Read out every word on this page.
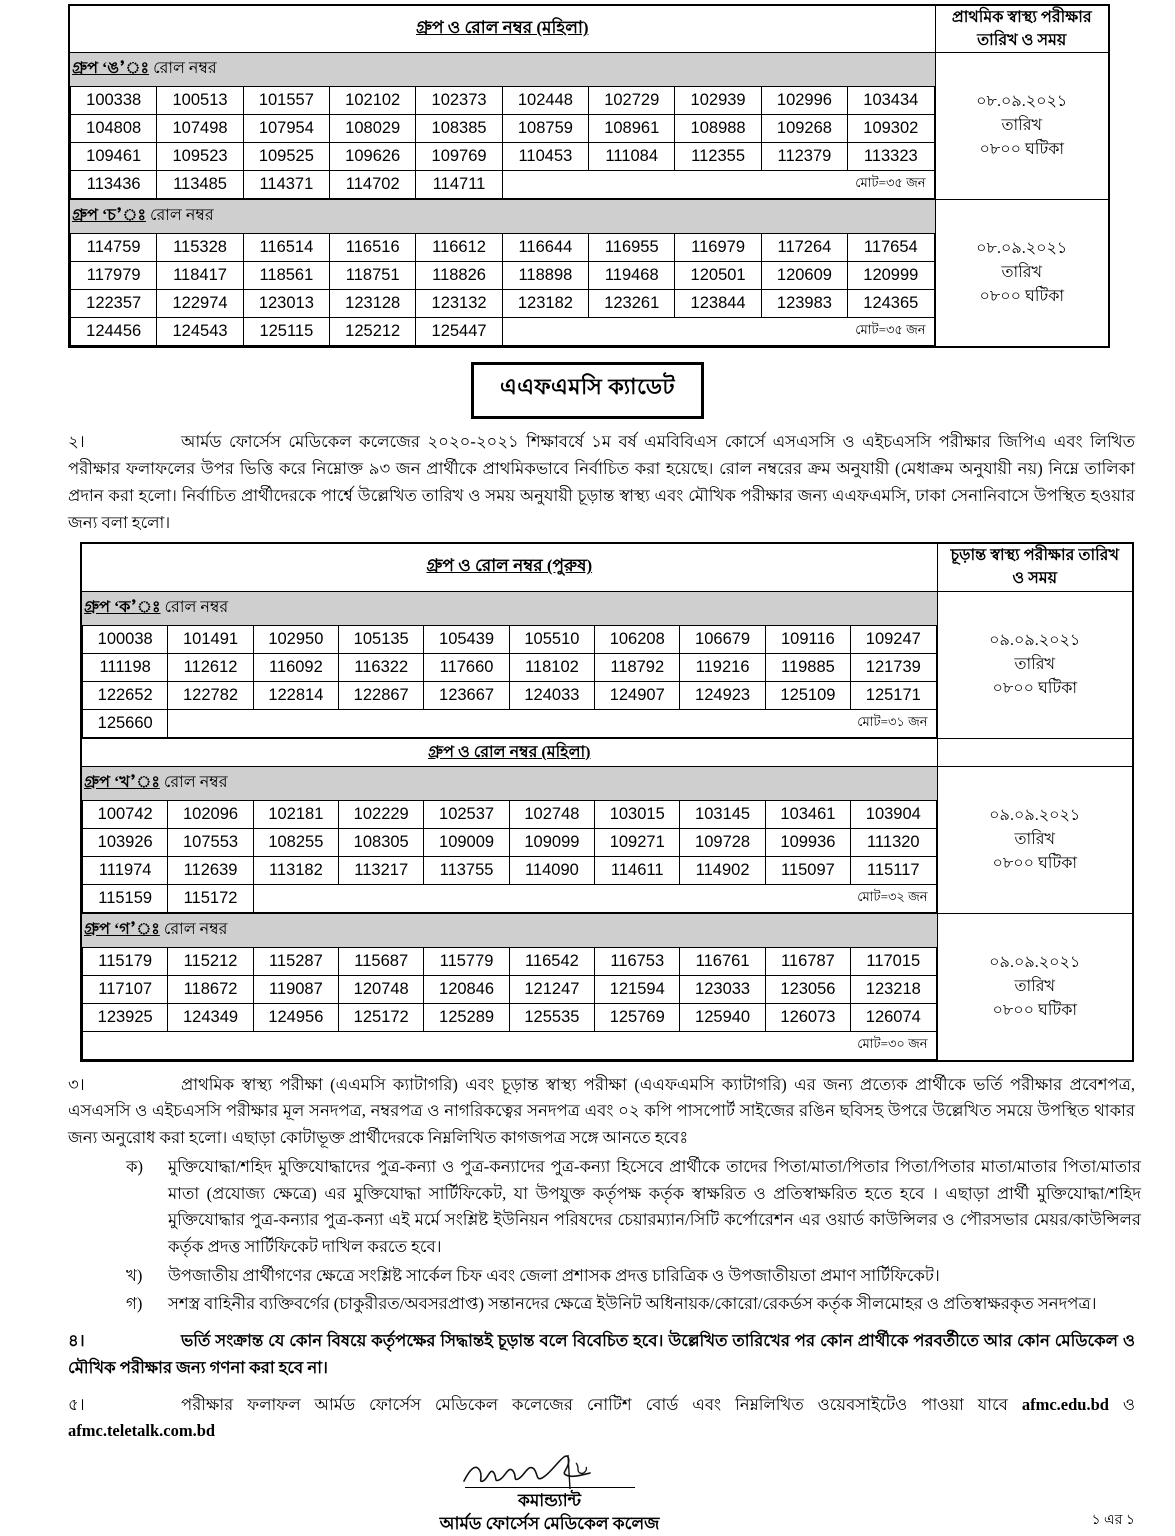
গ্রুপ ও রোল নম্বর (মহিলা)	
প্রাথমিক স্বাস্থ্য পরীক্ষার
তারিখ ও সময়

গ্রুপ ‘ঙ’ঃ রোল নম্বর
100338	100513	101557	102102	102373	102448	102729	102939	102996	103434
104808	107498	107954	108029	108385	108759	108961	108988	109268	109302
109461	109523	109525	109626	109769	110453	111084	112355	112379	113323
113436	113485	114371	114702	114711	মোট=৩৫ জন

০৮.০৯.২০২১
তারিখ
০৮০০ ঘটিকা

গ্রুপ ‘চ’ঃ রোল নম্বর
114759	115328	116514	116516	116612	116644	116955	116979	117264	117654
117979	118417	118561	118751	118826	118898	119468	120501	120609	120999
122357	122974	123013	123128	123132	123182	123261	123844	123983	124365
124456	124543	125115	125212	125447	মোট=৩৫ জন

০৮.০৯.২০২১
তারিখ
০৮০০ ঘটিকা
এএফএমসি ক্যাডেট
২।	আর্মড ফোর্সেস মেডিকেল কলেজের ২০২০-২০২১ শিক্ষাবর্ষে ১ম বর্ষ এমবিবিএস কোর্সে এসএসসি ও এইচএসসি পরীক্ষার জিপিএ এবং লিখিত পরীক্ষার ফলাফলের উপর ভিত্তি করে নিম্নোক্ত ৯৩ জন প্রার্থীকে প্রাথমিকভাবে নির্বাচিত করা হয়েছে। রোল নম্বরের ক্রম অনুযায়ী (মেধাক্রম অনুযায়ী নয়) নিম্নে তালিকা প্রদান করা হলো। নির্বাচিত প্রার্থীদেরকে পার্শ্বে উল্লেখিত তারিখ ও সময় অনুযায়ী চূড়ান্ত স্বাস্থ্য এবং মৌখিক পরীক্ষার জন্য এএফএমসি, ঢাকা সেনানিবাসে উপস্থিত হওয়ার জন্য বলা হলো।
গ্রুপ ও রোল নম্বর (পুরুষ)	
চূড়ান্ত স্বাস্থ্য পরীক্ষার তারিখ
ও সময়

গ্রুপ ‘ক’ঃ রোল নম্বর
100038	101491	102950	105135	105439	105510	106208	106679	109116	109247
111198	112612	116092	116322	117660	118102	118792	119216	119885	121739
122652	122782	122814	122867	123667	124033	124907	124923	125109	125171
125660	মোট=৩১ জন

০৯.০৯.২০২১
তারিখ
০৮০০ ঘটিকা

গ্রুপ ও রোল নম্বর (মহিলা)	

গ্রুপ ‘খ’ঃ রোল নম্বর
100742	102096	102181	102229	102537	102748	103015	103145	103461	103904
103926	107553	108255	108305	109009	109099	109271	109728	109936	111320
111974	112639	113182	113217	113755	114090	114611	114902	115097	115117
115159	115172	মোট=৩২ জন

০৯.০৯.২০২১
তারিখ
০৮০০ ঘটিকা

গ্রুপ ‘গ’ঃ রোল নম্বর
115179	115212	115287	115687	115779	116542	116753	116761	116787	117015
117107	118672	119087	120748	120846	121247	121594	123033	123056	123218
123925	124349	124956	125172	125289	125535	125769	125940	126073	126074
মোট=৩০ জন

০৯.০৯.২০২১
তারিখ
০৮০০ ঘটিকা
৩।	প্রাথমিক স্বাস্থ্য পরীক্ষা (এএমসি ক্যাটাগরি) এবং চূড়ান্ত স্বাস্থ্য পরীক্ষা (এএফএমসি ক্যাটাগরি) এর জন্য প্রত্যেক প্রার্থীকে ভর্তি পরীক্ষার প্রবেশপত্র, এসএসসি ও এইচএসসি পরীক্ষার মূল সনদপত্র, নম্বরপত্র ও নাগরিকত্বের সনদপত্র এবং ০২ কপি পাসপোর্ট সাইজের রঙিন ছবিসহ উপরে উল্লেখিত সময়ে উপস্থিত থাকার জন্য অনুরোধ করা হলো। এছাড়া কোটাভূক্ত প্রার্থীদেরকে নিম্নলিখিত কাগজপত্র সঙ্গে আনতে হবেঃ
ক) মুক্তিযোদ্ধা/শহিদ মুক্তিযোদ্ধাদের পুত্র-কন্যা ও পুত্র-কন্যাদের পুত্র-কন্যা হিসেবে প্রার্থীকে তাদের পিতা/মাতা/পিতার পিতা/পিতার মাতা/মাতার পিতা/মাতার মাতা (প্রযোজ্য ক্ষেত্রে) এর মুক্তিযোদ্ধা সার্টিফিকেট, যা উপযুক্ত কর্তৃপক্ষ কর্তৃক স্বাক্ষরিত ও প্রতিস্বাক্ষরিত হতে হবে । এছাড়া প্রার্থী মুক্তিযোদ্ধা/শহিদ মুক্তিযোদ্ধার পুত্র-কন্যার পুত্র-কন্যা এই মর্মে সংশ্লিষ্ট ইউনিয়ন পরিষদের চেয়ারম্যান/সিটি কর্পোরেশন এর ওয়ার্ড কাউন্সিলর ও পৌরসভার মেয়র/কাউন্সিলর কর্তৃক প্রদত্ত সার্টিফিকেট দাখিল করতে হবে।
খ) উপজাতীয় প্রার্থীগণের ক্ষেত্রে সংশ্লিষ্ট সার্কেল চিফ এবং জেলা প্রশাসক প্রদত্ত চারিত্রিক ও উপজাতীয়তা প্রমাণ সার্টিফিকেট।
গ) সশস্ত্র বাহিনীর ব্যক্তিবর্গের (চাকুরীরত/অবসরপ্রাপ্ত) সন্তানদের ক্ষেত্রে ইউনিট অধিনায়ক/কোরো/রেকর্ডস কর্তৃক সীলমোহর ও প্রতিস্বাক্ষরকৃত সনদপত্র।
৪।	ভর্তি সংক্রান্ত যে কোন বিষয়ে কর্তৃপক্ষের সিদ্ধান্তই চূড়ান্ত বলে বিবেচিত হবে। উল্লেখিত তারিখের পর কোন প্রার্থীকে পরবর্তীতে আর কোন মেডিকেল ও মৌখিক পরীক্ষার জন্য গণনা করা হবে না।
৫।	পরীক্ষার ফলাফল আর্মড ফোর্সেস মেডিকেল কলেজের নোটিশ বোর্ড এবং নিম্নলিখিত ওয়েবসাইটেও পাওয়া যাবে afmc.edu.bd ও afmc.teletalk.com.bd
কমান্ড্যান্ট
আর্মড ফোর্সেস মেডিকেল কলেজ	১ এর ১
